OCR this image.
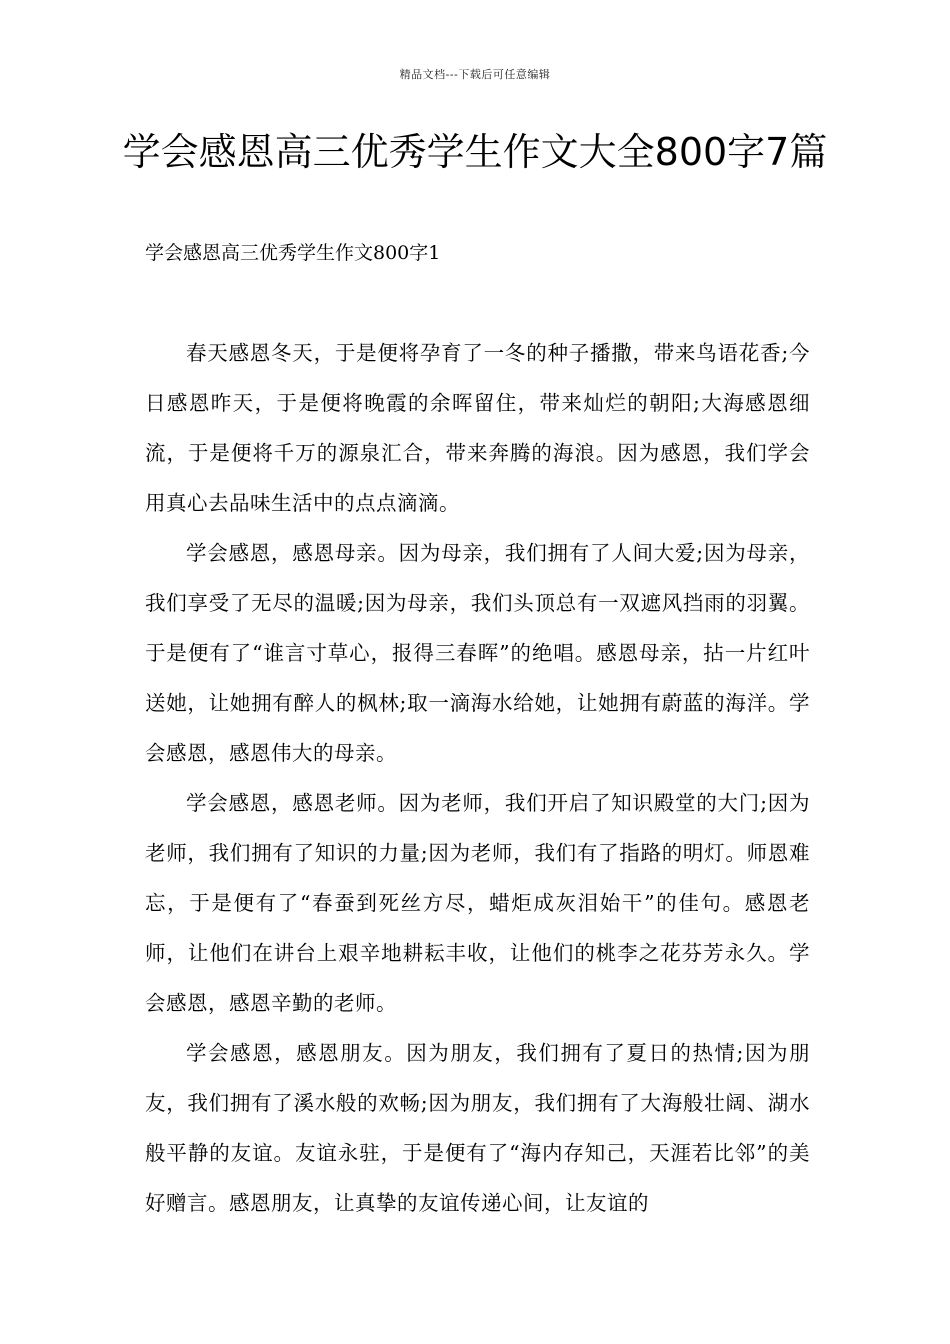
精品文档---下载后可任意编辑
学会感恩高三优秀学生作文大全800字7篇
学会感恩高三优秀学生作文800字1

春天感恩冬天，于是便将孕育了一冬的种子播撒，带来鸟语花香;今日感恩昨天，于是便将晚霞的余晖留住，带来灿烂的朝阳;大海感恩细流，于是便将千万的源泉汇合，带来奔腾的海浪。因为感恩，我们学会用真心去品味生活中的点点滴滴。

学会感恩，感恩母亲。因为母亲，我们拥有了人间大爱;因为母亲，我们享受了无尽的温暖;因为母亲，我们头顶总有一双遮风挡雨的羽翼。于是便有了“谁言寸草心，报得三春晖”的绝唱。感恩母亲，拈一片红叶送她，让她拥有醉人的枫林;取一滴海水给她，让她拥有蔚蓝的海洋。学会感恩，感恩伟大的母亲。

学会感恩，感恩老师。因为老师，我们开启了知识殿堂的大门;因为老师，我们拥有了知识的力量;因为老师，我们有了指路的明灯。师恩难忘，于是便有了“春蚕到死丝方尽，蜡炬成灰泪始干”的佳句。感恩老师，让他们在讲台上艰辛地耕耘丰收，让他们的桃李之花芬芳永久。学会感恩，感恩辛勤的老师。

学会感恩，感恩朋友。因为朋友，我们拥有了夏日的热情;因为朋友，我们拥有了溪水般的欢畅;因为朋友，我们拥有了大海般壮阔、湖水般平静的友谊。友谊永驻，于是便有了“海内存知己，天涯若比邻”的美好赠言。感恩朋友，让真挚的友谊传递心间，让友谊的
